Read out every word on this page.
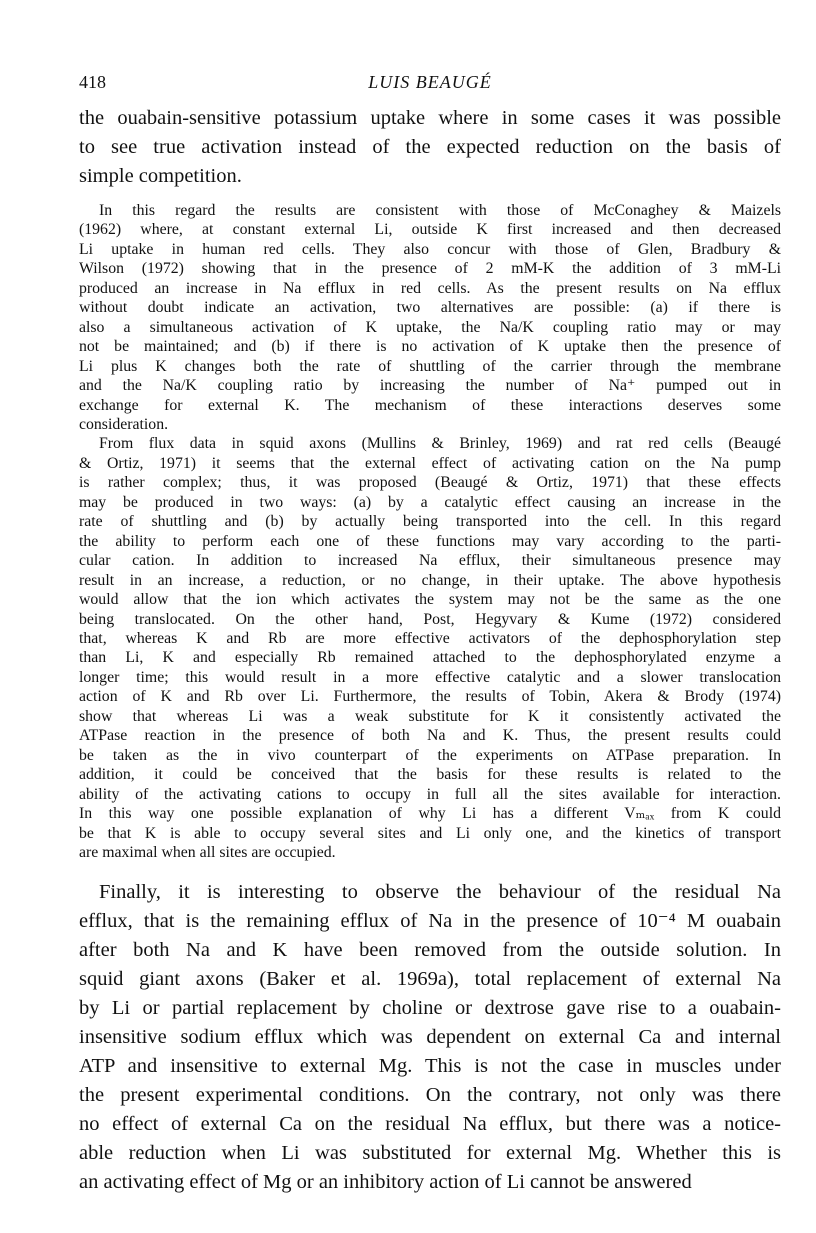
418	LUIS BEAUGÉ
the ouabain-sensitive potassium uptake where in some cases it was possible
to see true activation instead of the expected reduction on the basis of
simple competition.
In this regard the results are consistent with those of McConaghey & Maizels
(1962) where, at constant external Li, outside K first increased and then decreased
Li uptake in human red cells. They also concur with those of Glen, Bradbury &
Wilson (1972) showing that in the presence of 2 mM-K the addition of 3 mM-Li
produced an increase in Na efflux in red cells. As the present results on Na efflux
without doubt indicate an activation, two alternatives are possible: (a) if there is
also a simultaneous activation of K uptake, the Na/K coupling ratio may or may
not be maintained; and (b) if there is no activation of K uptake then the presence of
Li plus K changes both the rate of shuttling of the carrier through the membrane
and the Na/K coupling ratio by increasing the number of Na⁺ pumped out in
exchange for external K. The mechanism of these interactions deserves some
consideration.
From flux data in squid axons (Mullins & Brinley, 1969) and rat red cells (Beaugé
& Ortiz, 1971) it seems that the external effect of activating cation on the Na pump
is rather complex; thus, it was proposed (Beaugé & Ortiz, 1971) that these effects
may be produced in two ways: (a) by a catalytic effect causing an increase in the
rate of shuttling and (b) by actually being transported into the cell. In this regard
the ability to perform each one of these functions may vary according to the parti-
cular cation. In addition to increased Na efflux, their simultaneous presence may
result in an increase, a reduction, or no change, in their uptake. The above hypothesis
would allow that the ion which activates the system may not be the same as the one
being translocated. On the other hand, Post, Hegyvary & Kume (1972) considered
that, whereas K and Rb are more effective activators of the dephosphorylation step
than Li, K and especially Rb remained attached to the dephosphorylated enzyme a
longer time; this would result in a more effective catalytic and a slower translocation
action of K and Rb over Li. Furthermore, the results of Tobin, Akera & Brody (1974)
show that whereas Li was a weak substitute for K it consistently activated the
ATPase reaction in the presence of both Na and K. Thus, the present results could
be taken as the in vivo counterpart of the experiments on ATPase preparation. In
addition, it could be conceived that the basis for these results is related to the
ability of the activating cations to occupy in full all the sites available for interaction.
In this way one possible explanation of why Li has a different Vₘₐₓ from K could
be that K is able to occupy several sites and Li only one, and the kinetics of transport
are maximal when all sites are occupied.
Finally, it is interesting to observe the behaviour of the residual Na
efflux, that is the remaining efflux of Na in the presence of 10⁻⁴ M ouabain
after both Na and K have been removed from the outside solution. In
squid giant axons (Baker et al. 1969a), total replacement of external Na
by Li or partial replacement by choline or dextrose gave rise to a ouabain-
insensitive sodium efflux which was dependent on external Ca and internal
ATP and insensitive to external Mg. This is not the case in muscles under
the present experimental conditions. On the contrary, not only was there
no effect of external Ca on the residual Na efflux, but there was a notice-
able reduction when Li was substituted for external Mg. Whether this is
an activating effect of Mg or an inhibitory action of Li cannot be answered
